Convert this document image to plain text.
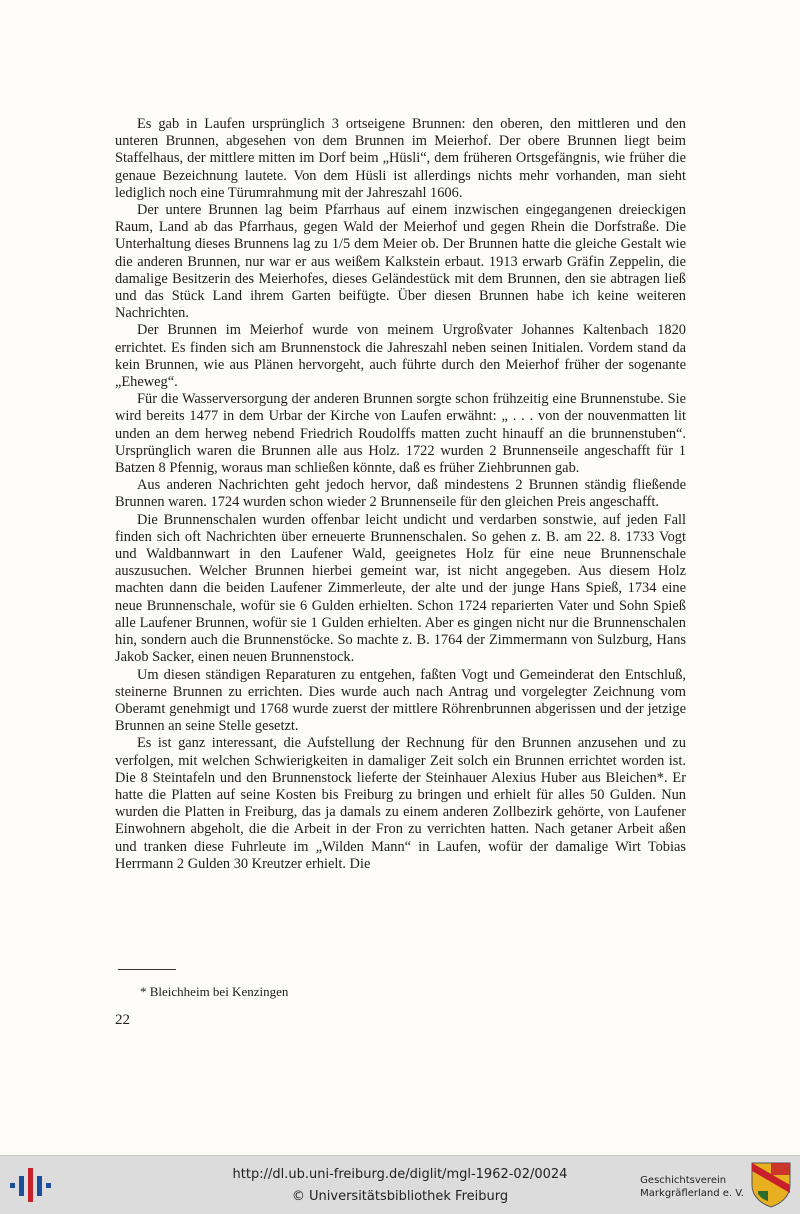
Es gab in Laufen ursprünglich 3 ortseigene Brunnen: den oberen, den mittleren und den unteren Brunnen, abgesehen von dem Brunnen im Meierhof. Der obere Brunnen liegt beim Staffelhaus, der mittlere mitten im Dorf beim „Hüsli“, dem früheren Ortsgefängnis, wie früher die genaue Bezeichnung lautete. Von dem Hüsli ist allerdings nichts mehr vorhanden, man sieht lediglich noch eine Türumrahmung mit der Jahreszahl 1606.

Der untere Brunnen lag beim Pfarrhaus auf einem inzwischen eingegangenen dreieckigen Raum, Land ab das Pfarrhaus, gegen Wald der Meierhof und gegen Rhein die Dorfstraße. Die Unterhaltung dieses Brunnens lag zu 1/5 dem Meier ob. Der Brunnen hatte die gleiche Gestalt wie die anderen Brunnen, nur war er aus weißem Kalkstein erbaut. 1913 erwarb Gräfin Zeppelin, die damalige Besitzerin des Meierhofes, dieses Geländestück mit dem Brunnen, den sie abtragen ließ und das Stück Land ihrem Garten beifügte. Über diesen Brunnen habe ich keine weiteren Nachrichten.

Der Brunnen im Meierhof wurde von meinem Urgroßvater Johannes Kaltenbach 1820 errichtet. Es finden sich am Brunnenstock die Jahreszahl neben seinen Initialen. Vordem stand da kein Brunnen, wie aus Plänen hervorgeht, auch führte durch den Meierhof früher der sogenante „Eheweg“.

Für die Wasserversorgung der anderen Brunnen sorgte schon frühzeitig eine Brunnenstube. Sie wird bereits 1477 in dem Urbar der Kirche von Laufen erwähnt: „ . . . von der nouvenmatten lit unden an dem herweg nebend Friedrich Roudolffs matten zucht hinauff an die brunnenstuben“. Ursprünglich waren die Brunnen alle aus Holz. 1722 wurden 2 Brunnenseile angeschafft für 1 Batzen 8 Pfennig, woraus man schließen könnte, daß es früher Ziehbrunnen gab.

Aus anderen Nachrichten geht jedoch hervor, daß mindestens 2 Brunnen ständig fließende Brunnen waren. 1724 wurden schon wieder 2 Brunnenseile für den gleichen Preis angeschafft.

Die Brunnenschalen wurden offenbar leicht undicht und verdarben sonstwie, auf jeden Fall finden sich oft Nachrichten über erneuerte Brunnenschalen. So gehen z. B. am 22. 8. 1733 Vogt und Waldbannwart in den Laufener Wald, geeignetes Holz für eine neue Brunnenschale auszusuchen. Welcher Brunnen hierbei gemeint war, ist nicht angegeben. Aus diesem Holz machten dann die beiden Laufener Zimmerleute, der alte und der junge Hans Spieß, 1734 eine neue Brunnenschale, wofür sie 6 Gulden erhielten. Schon 1724 reparierten Vater und Sohn Spieß alle Laufener Brunnen, wofür sie 1 Gulden erhielten. Aber es gingen nicht nur die Brunnenschalen hin, sondern auch die Brunnenstöcke. So machte z. B. 1764 der Zimmermann von Sulzburg, Hans Jakob Sacker, einen neuen Brunnenstock.

Um diesen ständigen Reparaturen zu entgehen, faßten Vogt und Gemeinderat den Entschluß, steinerne Brunnen zu errichten. Dies wurde auch nach Antrag und vorgelegter Zeichnung vom Oberamt genehmigt und 1768 wurde zuerst der mittlere Röhrenbrunnen abgerissen und der jetzige Brunnen an seine Stelle gesetzt.

Es ist ganz interessant, die Aufstellung der Rechnung für den Brunnen anzusehen und zu verfolgen, mit welchen Schwierigkeiten in damaliger Zeit solch ein Brunnen errichtet worden ist. Die 8 Steintafeln und den Brunnenstock lieferte der Steinhauer Alexius Huber aus Bleichen*. Er hatte die Platten auf seine Kosten bis Freiburg zu bringen und erhielt für alles 50 Gulden. Nun wurden die Platten in Freiburg, das ja damals zu einem anderen Zollbezirk gehörte, von Laufener Einwohnern abgeholt, die die Arbeit in der Fron zu verrichten hatten. Nach getaner Arbeit aßen und tranken diese Fuhrleute im „Wilden Mann“ in Laufen, wofür der damalige Wirt Tobias Herrmann 2 Gulden 30 Kreutzer erhielt. Die

* Bleichheim bei Kenzingen
22
http://dl.ub.uni-freiburg.de/diglit/mgl-1962-02/0024
© Universitätsbibliothek Freiburg
Geschichtsverein
Markgräflerland e. V.
